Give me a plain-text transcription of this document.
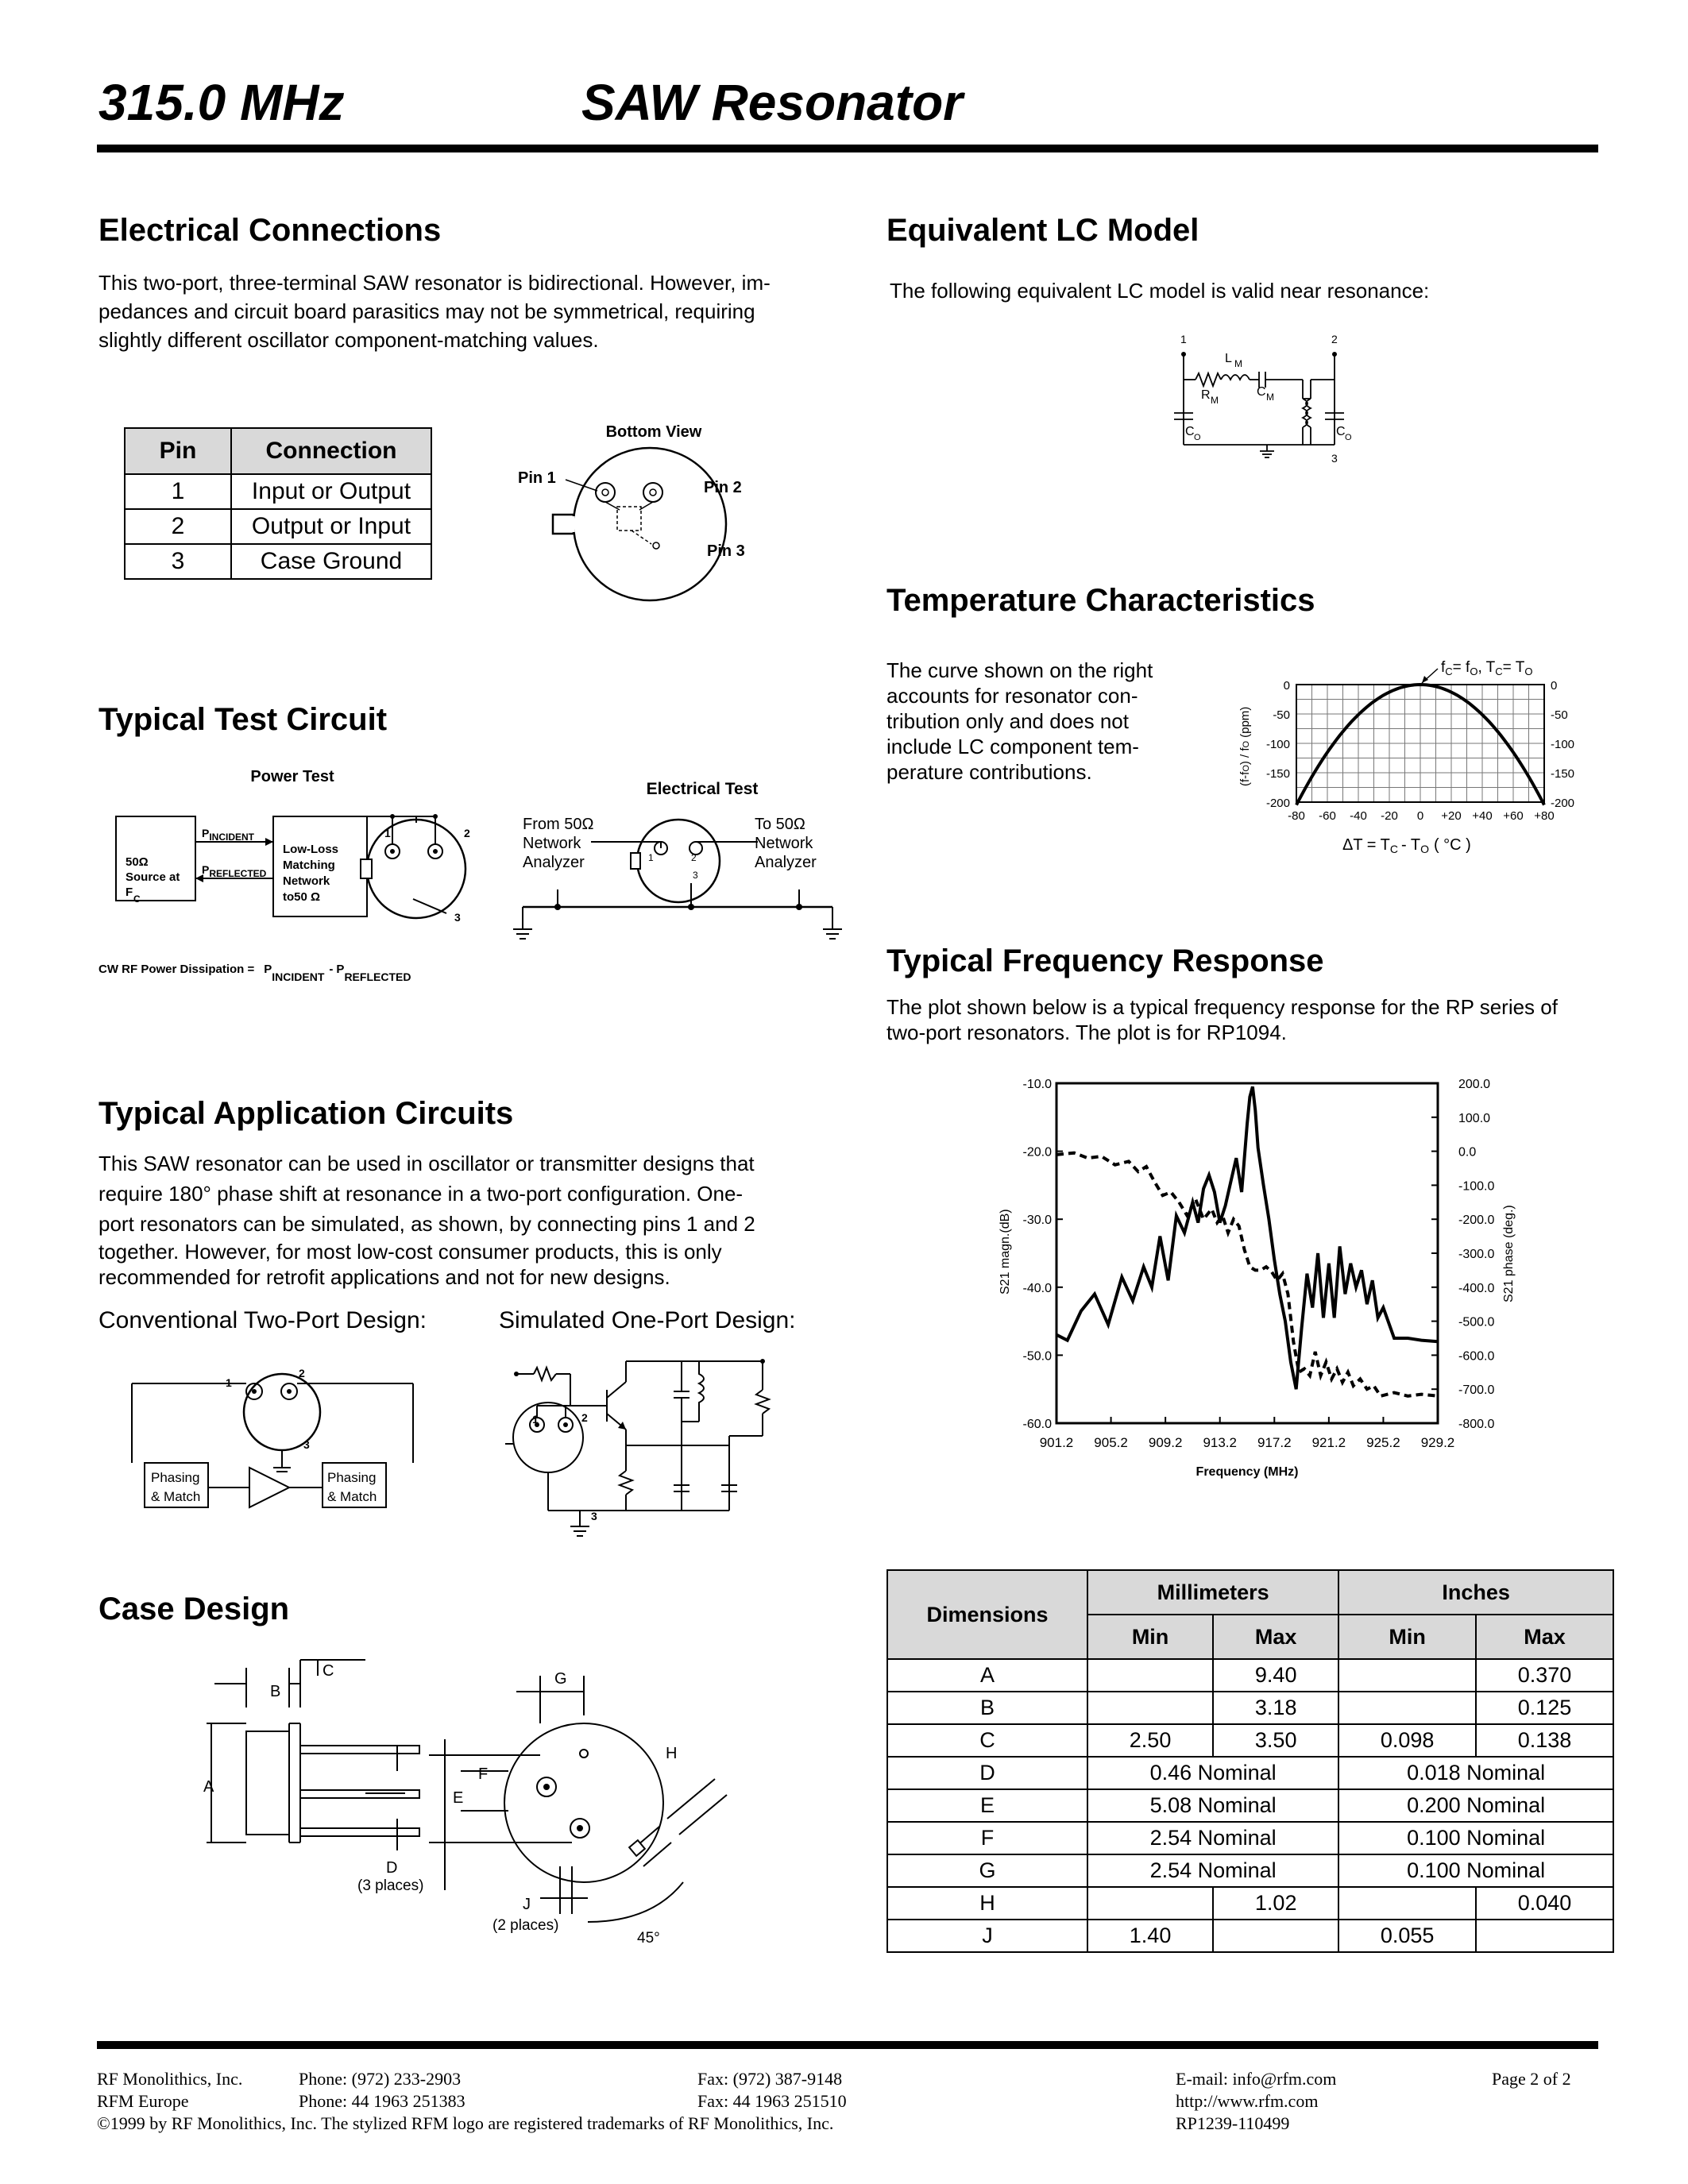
315.0 MHz	SAW Resonator
Electrical Connections
This two-port, three-terminal SAW resonator is bidirectional. However, im-
pedances and circuit board parasitics may not be symmetrical, requiring
slightly different oscillator component-matching values.
Pin	Connection
1	Input or Output
2	Output or Input
3	Case Ground
Bottom View
Pin 1
Pin 2
Pin 3
Equivalent LC Model
The following equivalent LC model is valid near resonance:
1	2
3
L M
R M
C M
C O	C O
Temperature Characteristics
The curve shown on the right
accounts for resonator con-
tribution only and does not
include LC component tem-
perature contributions.
0
-50
-100
-150
-200
0
-50
-100
-150
-200
-80 -60 -40 -20 0 +20 +40 +60 +80
$f_C= f_O$, $T_C= T_O$
(f-fO) / fO(ppm)
$\Delta T = T_C - T_O$ ( °C )
Typical Test Circuit
Power Test
50Ω
Source at
F C
Low-Loss
Matching
Network
to50 Ω
PINCIDENT
PREFLECTED
1	2
3
CW RF Power Dissipation = PINCIDENT- PREFLECTED
Electrical Test
From 50Ω
Network
Analyzer
To 50Ω
Network
Analyzer
1	2
3
Typical Frequency Response
The plot shown below is a typical frequency response for the RP series of
two-port resonators. The plot is for RP1094.
-10.0
-20.0
-30.0
-40.0
-50.0
-60.0
200.0
100.0
0.0
-100.0
-200.0
-300.0
-400.0
-500.0
-600.0
-700.0
-800.0
901.2 905.2 909.2 913.2 917.2 921.2 925.2 929.2
S21 magn.(dB)	S21 phase (deg.)
Frequency (MHz)
Typical Application Circuits
This SAW resonator can be used in oscillator or transmitter designs that
require 180° phase shift at resonance in a two-port configuration. One-
port resonators can be simulated, as shown, by connecting pins 1 and 2
together. However, for most low-cost consumer products, this is only
recommended for retrofit applications and not for new designs.
Conventional Two-Port Design:	Simulated One-Port Design:
1
2
3
Phasing
& Match
Phasing
& Match
1	2
3
Case Design
A
B
C
D
(3 places)
G
F
E
H
J
(2 places)
45°
Dimensions	Millimeters		Inches	
	Min	Max	Min	Max
A		9.40		0.370
B		3.18		0.125
C	2.50	3.50	0.098	0.138
D	0.46 Nominal		0.018 Nominal	
E	5.08 Nominal		0.200 Nominal	
F	2.54 Nominal		0.100 Nominal	
G	2.54 Nominal		0.100 Nominal	
H		1.02		0.040
J	1.40		0.055	
RF Monolithics, Inc.	Phone: (972) 233-2903	Fax: (972) 387-9148	E-mail: info@rfm.com	Page 2 of 2
RFM Europe	Phone: 44 1963 251383	Fax: 44 1963 251510	http://www.rfm.com
©1999 by RF Monolithics, Inc. The stylized RFM logo are registered trademarks of RF Monolithics, Inc.	RP1239-110499
